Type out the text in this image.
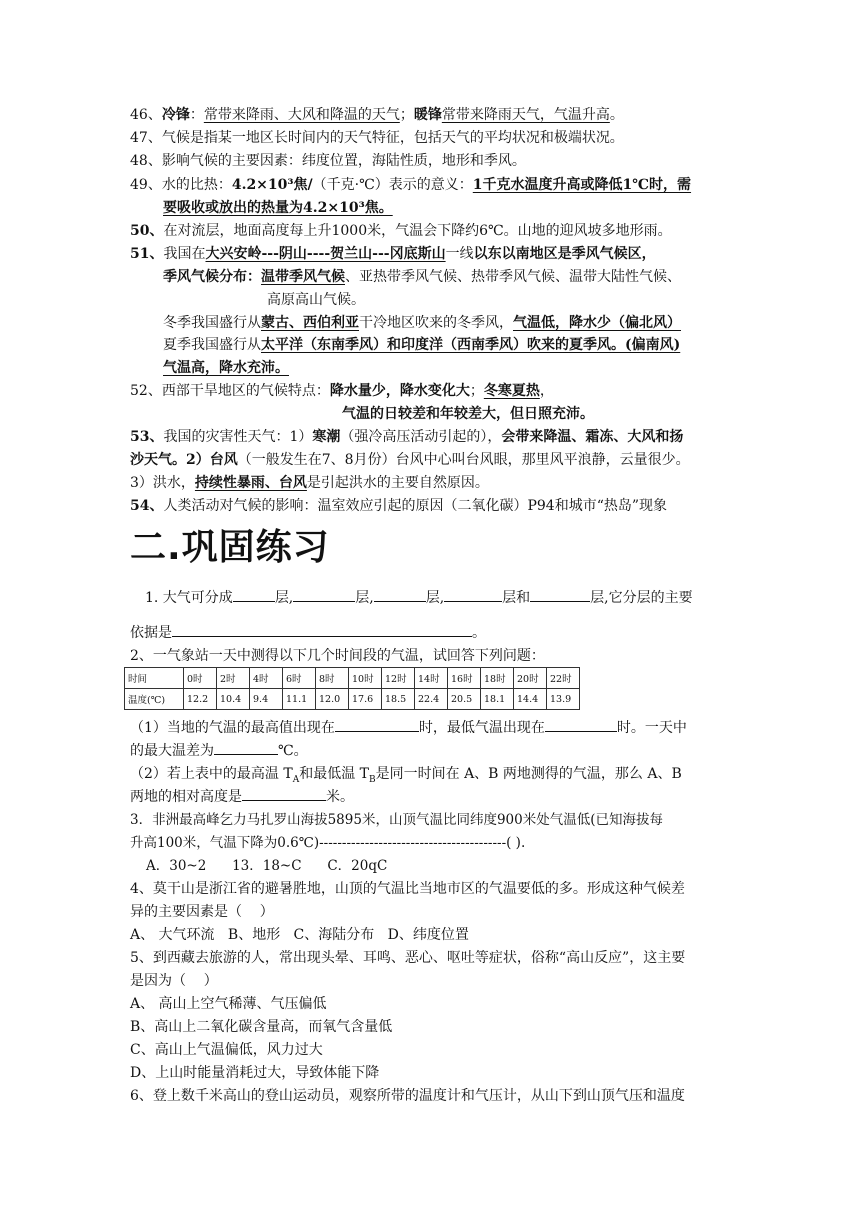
46、冷锋：常带来降雨、大风和降温的天气；暖锋常带来降雨天气，气温升高。
47、气候是指某一地区长时间内的天气特征，包括天气的平均状况和极端状况。
48、影响气候的主要因素：纬度位置，海陆性质，地形和季风。
49、水的比热：4.2×10³焦/（千克·℃）表示的意义：1千克水温度升高或降低1℃时，需
要吸收或放出的热量为4.2×10³焦。
50、在对流层，地面高度每上升1000米，气温会下降约6℃。山地的迎风坡多地形雨。
51、我国在大兴安岭---阴山----贺兰山---冈底斯山一线以东以南地区是季风气候区，
季风气候分布：温带季风气候、亚热带季风气候、热带季风气候、温带大陆性气候、
高原高山气候。
冬季我国盛行从蒙古、西伯利亚干冷地区吹来的冬季风，气温低，降水少（偏北风）
夏季我国盛行从太平洋（东南季风）和印度洋（西南季风）吹来的夏季风。(偏南风)
气温高，降水充沛。
52、西部干旱地区的气候特点：降水量少，降水变化大；冬寒夏热，
气温的日较差和年较差大，但日照充沛。
53、我国的灾害性天气：1）寒潮（强冷高压活动引起的），会带来降温、霜冻、大风和扬
沙天气。2）台风（一般发生在7、8月份）台风中心叫台风眼，那里风平浪静，云量很少。
3）洪水，持续性暴雨、台风是引起洪水的主要自然原因。
54、人类活动对气候的影响：温室效应引起的原因（二氧化碳）P94和城市“热岛”现象
二.巩固练习
1. 大气可分成	层,	层,	层,	层和	层,它分层的主要
依据是	。
2、一气象站一天中测得以下几个时间段的气温，试回答下列问题：
时间	0时	2时	4时	6时	8时	10时	12时	14时	16时	18时	20时	22时
温度(℃)	12.2	10.4	9.4	11.1	12.0	17.6	18.5	22.4	20.5	18.1	14.4	13.9
（1）当地的气温的最高值出现在	时，最低气温出现在	时。一天中
的最大温差为	℃。
（2）若上表中的最高温 $T_A$和最低温 $T_B$是同一时间在 A、B 两地测得的气温，那么 A、B
两地的相对高度是	米。
3．非洲最高峰乞力马扎罗山海拔5895米，山顶气温比同纬度900米处气温低(已知海拔每
升高100米，气温下降为0.6℃)-----------------------------------------( ).
A．30~2      13．18~C      C．20qC
4、莫干山是浙江省的避暑胜地，山顶的气温比当地市区的气温要低的多。形成这种气候差
异的主要因素是（    ）
A、 大气环流   B、地形   C、海陆分布   D、纬度位置
5、到西藏去旅游的人，常出现头晕、耳鸣、恶心、呕吐等症状，俗称“高山反应”，这主要
是因为（    ）
A、 高山上空气稀薄、气压偏低
B、高山上二氧化碳含量高，而氧气含量低
C、高山上气温偏低，风力过大
D、上山时能量消耗过大，导致体能下降
6、登上数千米高山的登山运动员，观察所带的温度计和气压计，从山下到山顶气压和温度
